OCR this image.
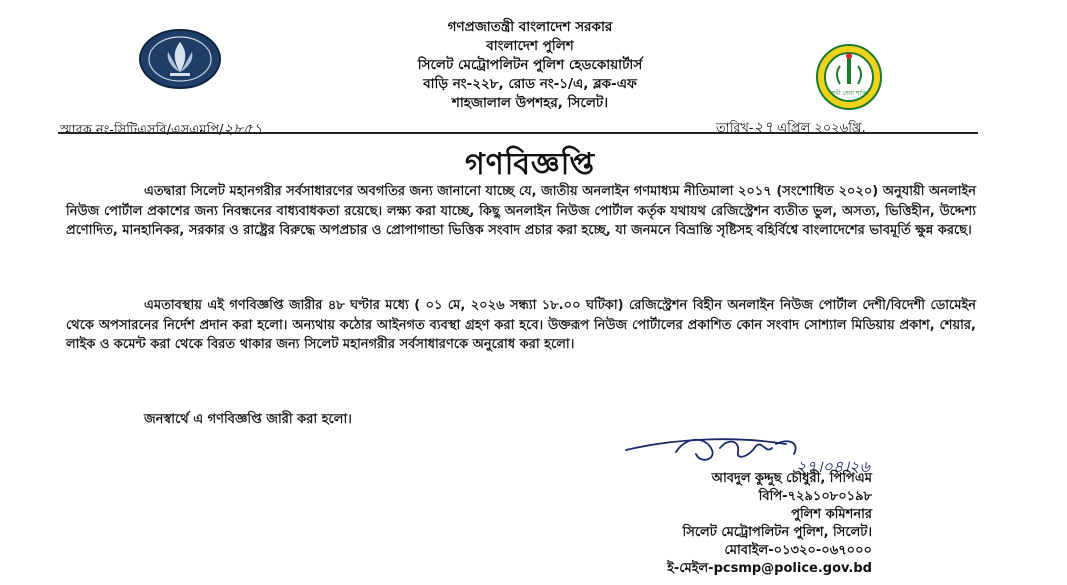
সুখী সেবা শান্তি
গণপ্রজাতন্ত্রী বাংলাদেশ সরকার
বাংলাদেশ পুলিশ
সিলেট মেট্রোপলিটন পুলিশ হেডকোয়ার্টার্স
বাড়ি নং-২২৮, রোড নং-১/এ, ব্লক-এফ
শাহজালাল উপশহর, সিলেট।
স্মারক নং-সিটিএসবি/এসএমপি/২৮৫১	তারিখ-২৭ এপ্রিল ২০২৬খ্রি.
গণবিজ্ঞপ্তি
এতদ্বারা সিলেট মহানগরীর সর্বসাধারণের অবগতির জন্য জানানো যাচ্ছে যে, জাতীয় অনলাইন গণমাধ্যম নীতিমালা ২০১৭ (সংশোধিত ২০২০) অনুযায়ী অনলাইন নিউজ পোর্টাল প্রকাশের জন্য নিবন্ধনের বাধ্যবাধকতা রয়েছে। লক্ষ্য করা যাচ্ছে, কিছু অনলাইন নিউজ পোর্টাল কর্তৃক যথাযথ রেজিস্ট্রেশন ব্যতীত ভুল, অসত্য, ভিত্তিহীন, উদ্দেশ্য প্রণোদিত, মানহানিকর, সরকার ও রাষ্ট্রের বিরুদ্ধে অপপ্রচার ও প্রোপাগান্ডা ভিত্তিক সংবাদ প্রচার করা হচ্ছে, যা জনমনে বিভ্রান্তি সৃষ্টিসহ বহির্বিশ্বে বাংলাদেশের ভাবমূর্তি ক্ষুন্ন করছে।
এমতাবস্থায় এই গণবিজ্ঞপ্তি জারীর ৪৮ ঘণ্টার মধ্যে ( ০১ মে, ২০২৬ সন্ধ্যা ১৮.০০ ঘটিকা) রেজিস্ট্রেশন বিহীন অনলাইন নিউজ পোর্টাল দেশী/বিদেশী ডোমেইন থেকে অপসারনের নির্দেশ প্রদান করা হলো। অন্যথায় কঠোর আইনগত ব্যবস্থা গ্রহণ করা হবে। উক্তরূপ নিউজ পোর্টালের প্রকাশিত কোন সংবাদ সোশ্যাল মিডিয়ায় প্রকাশ, শেয়ার, লাইক ও কমেন্ট করা থেকে বিরত থাকার জন্য সিলেট মহানগরীর সর্বসাধারণকে অনুরোধ করা হলো।
জনস্বার্থে এ গণবিজ্ঞপ্তি জারী করা হলো।
২৭।০৪।২৬
আবদুল কুদ্দুছ চৌধুরী, পিপিএম
বিপি-৭২৯১০৮০১৯৮
পুলিশ কমিশনার
সিলেট মেট্রোপলিটন পুলিশ, সিলেট।
মোবাইল-০১৩২০-০৬৭০০০
ই-মেইল-pcsmp@police.gov.bd
